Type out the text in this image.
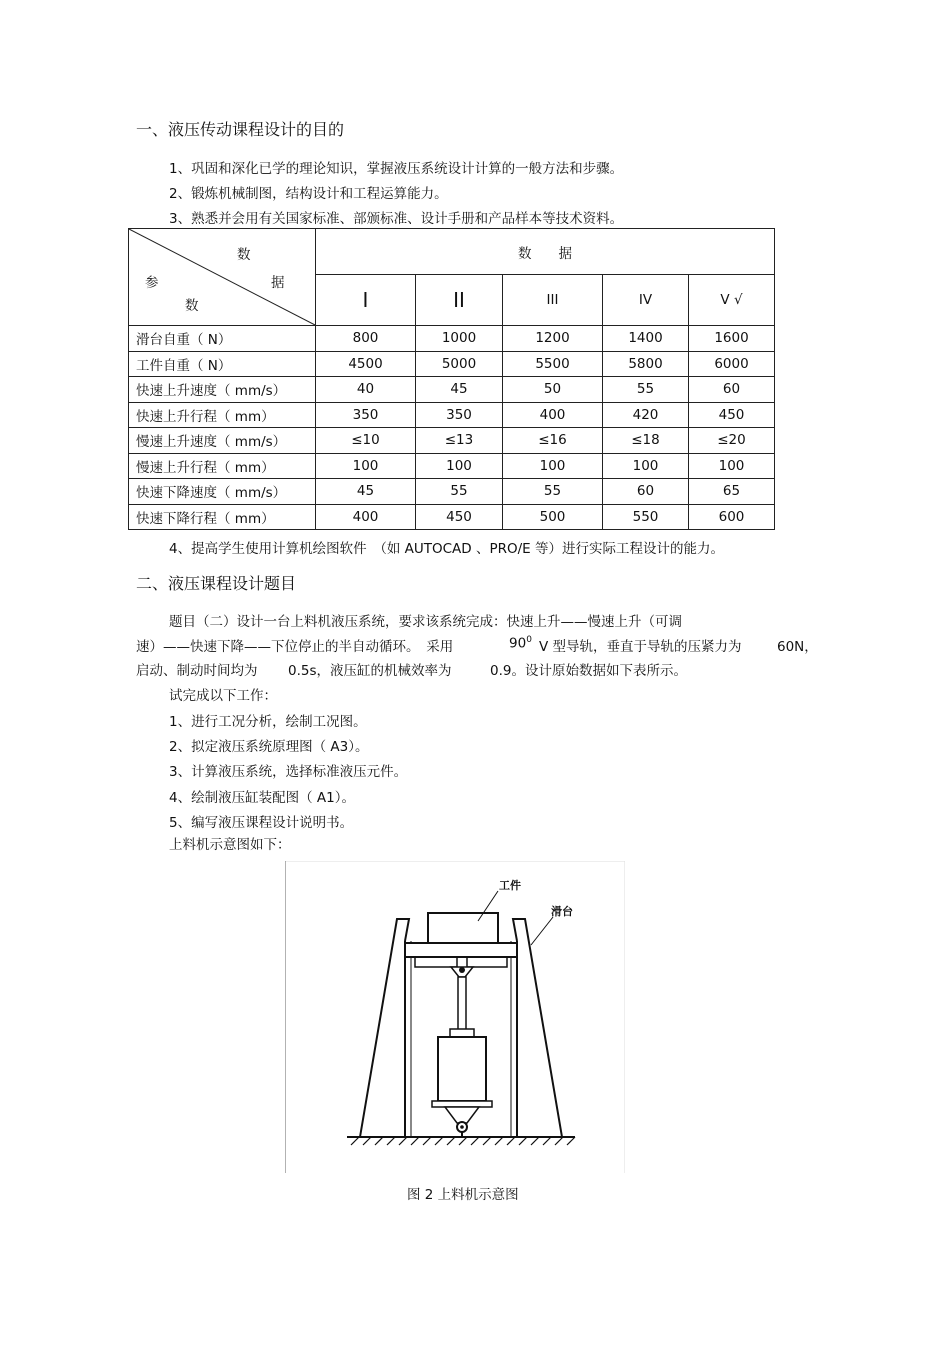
一、液压传动课程设计的目的
1、巩固和深化已学的理论知识，掌握液压系统设计计算的一般方法和步骤。
2、锻炼机械制图，结构设计和工程运算能力。
3、熟悉并会用有关国家标准、部颁标准、设计手册和产品样本等技术资料。
数
参 据
数	数　　据				
	I	II	III	IV	V √
滑台自重（ N）	800	1000	1200	1400	1600
工件自重（ N）	4500	5000	5500	5800	6000
快速上升速度（ mm/s）	40	45	50	55	60
快速上升行程（ mm）	350	350	400	420	450
慢速上升速度（ mm/s）	≤10	≤13	≤16	≤18	≤20
慢速上升行程（ mm）	100	100	100	100	100
快速下降速度（ mm/s）	45	55	55	60	65
快速下降行程（ mm）	400	450	500	550	600
4、提高学生使用计算机绘图软件　（如 AUTOCAD 、PRO/E 等）进行实际工程设计的能力。
二、液压课程设计题目
题目（二）设计一台上料机液压系统，要求该系统完成：快速上升——慢速上升（可调
速）——快速下降——下位停止的半自动循环。　采用	$90^0$ V 型导轨，垂直于导轨的压紧力为	60N，
启动、制动时间均为 0.5s，液压缸的机械效率为	0.9。设计原始数据如下表所示。
试完成以下工作：
1、进行工况分析，绘制工况图。
2、拟定液压系统原理图（ A3）。
3、计算液压系统，选择标准液压元件。
4、绘制液压缸装配图（ A1）。
5、编写液压课程设计说明书。
上料机示意图如下：
工件
滑台
图 2 上料机示意图
